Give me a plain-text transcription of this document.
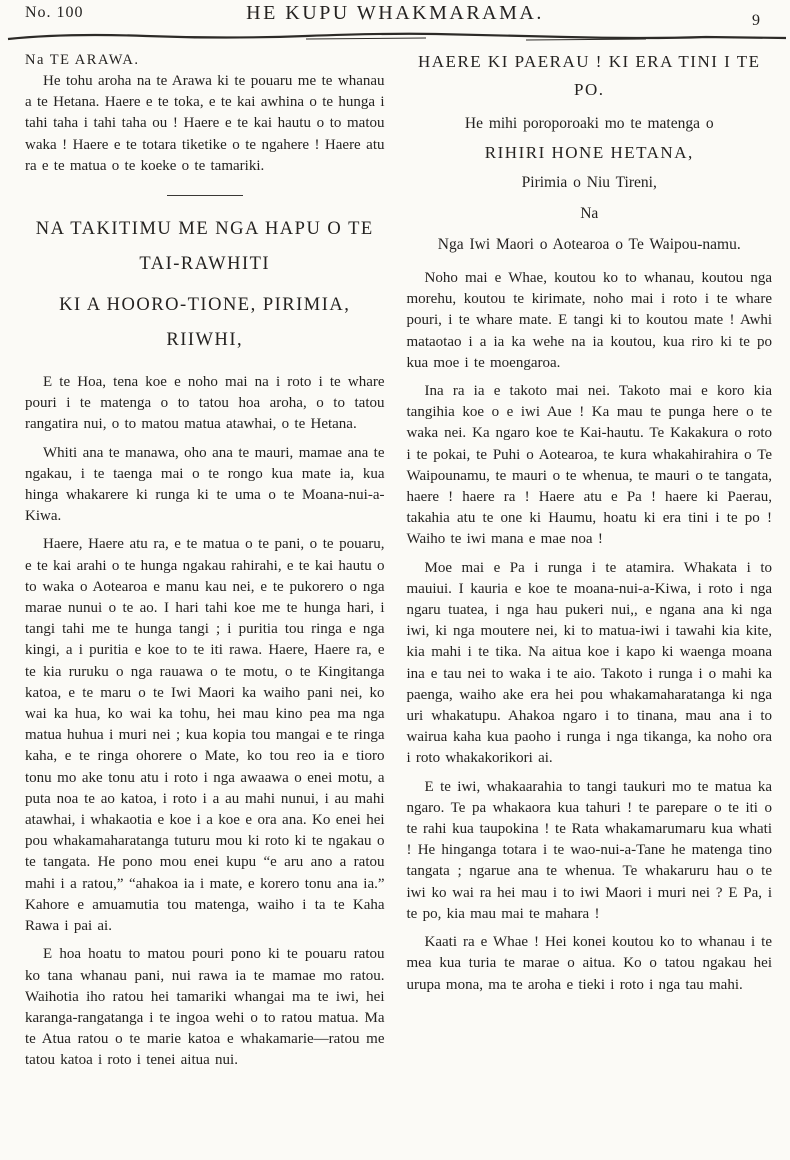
No. 100	HE KUPU WHAKMARAMA.	9
Na TE ARAWA.

He tohu aroha na te Arawa ki te pouaru me te whanau a te Hetana. Haere e te toka, e te kai awhina o te hunga i tahi taha i tahi taha ou ! Haere e te kai hautu o to matou waka ! Haere e te totara tiketike o te ngahere ! Haere atu ra e te matua o te koeke o te tamariki.

NA TAKITIMU ME NGA HAPU O TE TAI-RAWHITI
KI A HOORO-TIONE, PIRIMIA, RIIWHI,

E te Hoa, tena koe e noho mai na i roto i te whare pouri i te matenga o to tatou hoa aroha, o to tatou rangatira nui, o to matou matua atawhai, o te Hetana.

Whiti ana te manawa, oho ana te mauri, mamae ana te ngakau, i te taenga mai o te rongo kua mate ia, kua hinga whakarere ki runga ki te uma o te Moana-nui-a-Kiwa.

Haere, Haere atu ra, e te matua o te pani, o te pouaru, e te kai arahi o te hunga ngakau rahirahi, e te kai hautu o to waka o Aotearoa e manu kau nei, e te pukorero o nga marae nunui o te ao. I hari tahi koe me te hunga hari, i tangi tahi me te hunga tangi ; i puritia tou ringa e nga kingi, a i puritia e koe to te iti rawa. Haere, Haere ra, e te kia ruruku o nga rauawa o te motu, o te Kingitanga katoa, e te maru o te Iwi Maori ka waiho pani nei, ko wai ka hua, ko wai ka tohu, hei mau kino pea ma nga matua huhua i muri nei ; kua kopia tou mangai e te ringa kaha, e te ringa ohorere o Mate, ko tou reo ia e tioro tonu mo ake tonu atu i roto i nga awaawa o enei motu, a puta noa te ao katoa, i roto i a au mahi nunui, i au mahi atawhai, i whakaotia e koe i a koe e ora ana. Ko enei hei pou whakamaharatanga tuturu mou ki roto ki te ngakau o te tangata. He pono mou enei kupu “e aru ano a ratou mahi i a ratou,” “ahakoa ia i mate, e korero tonu ana ia.” Kahore e amuamutia tou matenga, waiho i ta te Kaha Rawa i pai ai.

E hoa hoatu to matou pouri pono ki te pouaru ratou ko tana whanau pani, nui rawa ia te mamae mo ratou. Waihotia iho ratou hei tamariki whangai ma te iwi, hei karanga-rangatanga i te ingoa wehi o to ratou matua. Ma te Atua ratou o te marie katoa e whakamarie—ratou me tatou katoa i roto i tenei aitua nui.

HAERE KI PAERAU ! KI ERA TINI I TE PO.

He mihi poroporoaki mo te matenga o

RIHIRI HONE HETANA,

Pirimia o Niu Tireni,

Na

Nga Iwi Maori o Aotearoa o Te Waipou-namu.

Noho mai e Whae, koutou ko to whanau, koutou nga morehu, koutou te kirimate, noho mai i roto i te whare pouri, i te whare mate. E tangi ki to koutou mate ! Awhi mataotao i a ia ka wehe na ia koutou, kua riro ki te po kua moe i te moengaroa.

Ina ra ia e takoto mai nei. Takoto mai e koro kia tangihia koe o e iwi Aue ! Ka mau te punga here o te waka nei. Ka ngaro koe te Kai-hautu. Te Kakakura o roto i te pokai, te Puhi o Aotearoa, te kura whakahirahira o Te Waipounamu, te mauri o te whenua, te mauri o te tangata, haere ! haere ra ! Haere atu e Pa ! haere ki Paerau, takahia atu te one ki Haumu, hoatu ki era tini i te po ! Waiho te iwi mana e mae noa !

Moe mai e Pa i runga i te atamira. Whakata i to mauiui. I kauria e koe te moana-nui-a-Kiwa, i roto i nga ngaru tuatea, i nga hau pukeri nui,, e ngana ana ki nga iwi, ki nga moutere nei, ki to matua-iwi i tawahi kia kite, kia mahi i te tika. Na aitua koe i kapo ki waenga moana ina e tau nei to waka i te aio. Takoto i runga i o mahi ka paenga, waiho ake era hei pou whakamaharatanga ki nga uri whakatupu. Ahakoa ngaro i to tinana, mau ana i to wairua kaha kua paoho i runga i nga tikanga, ka noho ora i roto whakakorikori ai.

E te iwi, whakaarahia to tangi taukuri mo te matua ka ngaro. Te pa whakaora kua tahuri ! te parepare o te iti o te rahi kua taupokina ! te Rata whakamarumaru kua whati ! He hinganga totara i te wao-nui-a-Tane he matenga tino tangata ; ngarue ana te whenua. Te whakaruru hau o te iwi ko wai ra hei mau i to iwi Maori i muri nei ? E Pa, i te po, kia mau mai te mahara !

Kaati ra e Whae ! Hei konei koutou ko to whanau i te mea kua turia te marae o aitua. Ko o tatou ngakau hei urupa mona, ma te aroha e tieki i roto i nga tau mahi.
